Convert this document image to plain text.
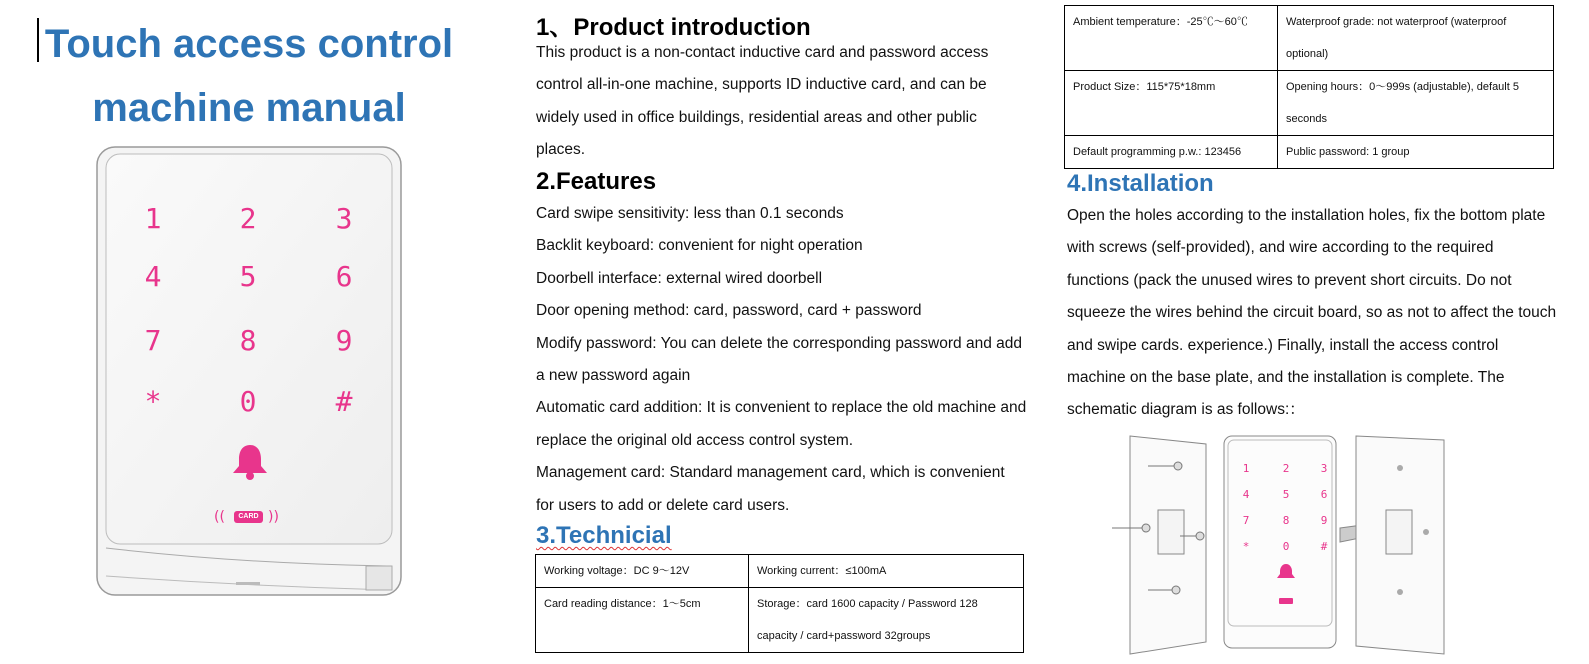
Touch access control
machine manual
1	2	3
4	5	6
7	8	9
*	0	#
((	CARD ))
1、Product introduction
This product is a non-contact inductive card and password access
control all-in-one machine, supports ID inductive card, and can be
widely used in office buildings, residential areas and other public
places.
2.Features
Card swipe sensitivity: less than 0.1 seconds
Backlit keyboard: convenient for night operation
Doorbell interface: external wired doorbell
Door opening method: card, password, card + password
Modify password: You can delete the corresponding password and add
a new password again
Automatic card addition: It is convenient to replace the old machine and
replace the original old access control system.
Management card: Standard management card, which is convenient
for users to add or delete card users.
3.Technicial
Working voltage：DC 9～12V	Working current：≤100mA
Card reading distance：1～5cm	Storage：card 1600 capacity / Password 128
capacity / card+password 32groups
Ambient temperature：-25℃～60℃	Waterproof grade: not waterproof (waterproof
optional)

Product Size：115*75*18mm	Opening hours：0～999s (adjustable), default 5
seconds

Default programming p.w.: 123456	Public password: 1 group
4.Installation
Open the holes according to the installation holes, fix the bottom plate
with screws (self-provided), and wire according to the required
functions (pack the unused wires to prevent short circuits. Do not
squeeze the wires behind the circuit board, so as not to affect the touch
and swipe cards. experience.) Finally, install the access control
machine on the base plate, and the installation is complete. The
schematic diagram is as follows:：
1	2	3
4	5	6
7	8	9
*	0	#
